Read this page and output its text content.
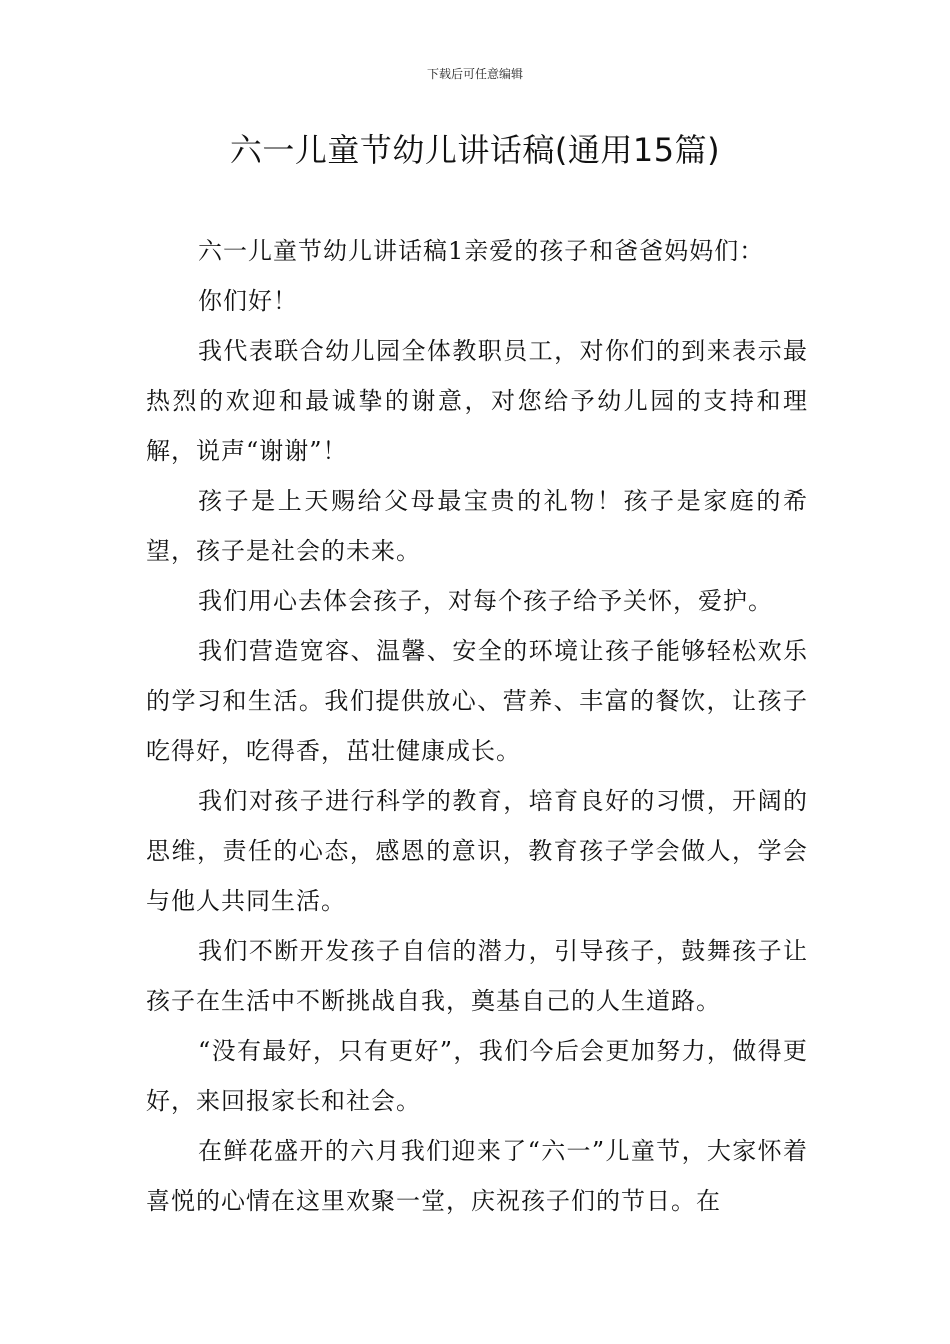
下载后可任意编辑
六一儿童节幼儿讲话稿(通用15篇)

六一儿童节幼儿讲话稿1亲爱的孩子和爸爸妈妈们：

你们好！

我代表联合幼儿园全体教职员工，对你们的到来表示最热烈的欢迎和最诚挚的谢意，对您给予幼儿园的支持和理解，说声“谢谢”！

孩子是上天赐给父母最宝贵的礼物！孩子是家庭的希望，孩子是社会的未来。

我们用心去体会孩子，对每个孩子给予关怀，爱护。

我们营造宽容、温馨、安全的环境让孩子能够轻松欢乐的学习和生活。我们提供放心、营养、丰富的餐饮，让孩子吃得好，吃得香，茁壮健康成长。

我们对孩子进行科学的教育，培育良好的习惯，开阔的思维，责任的心态，感恩的意识，教育孩子学会做人，学会与他人共同生活。

我们不断开发孩子自信的潜力，引导孩子，鼓舞孩子让孩子在生活中不断挑战自我，奠基自己的人生道路。

“没有最好，只有更好”，我们今后会更加努力，做得更好，来回报家长和社会。

在鲜花盛开的六月我们迎来了“六一”儿童节，大家怀着喜悦的心情在这里欢聚一堂，庆祝孩子们的节日。在
